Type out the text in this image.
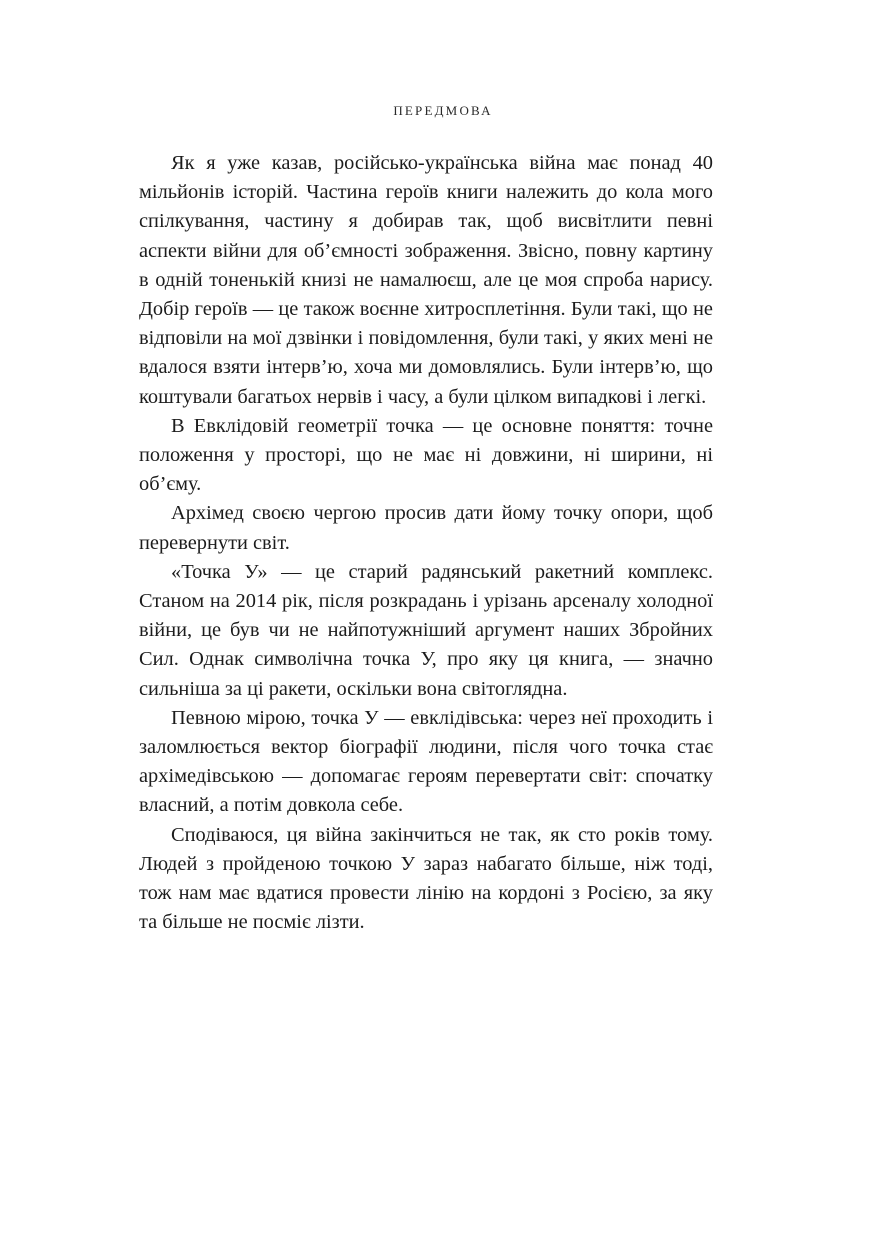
ПЕРЕДМОВА

Як я уже казав, російсько-українська війна має понад 40 мільйонів історій. Частина героїв книги належить до кола мого спілкування, частину я добирав так, щоб висвітлити певні аспекти війни для об’ємності зображення. Звісно, повну картину в одній тоненькій книзі не намалюєш, але це моя спроба нарису. Добір героїв — це також воєнне хитросплетіння. Були такі, що не відповіли на мої дзвінки і повідомлення, були такі, у яких мені не вдалося взяти інтерв’ю, хоча ми домовлялись. Були інтерв’ю, що коштували багатьох нервів і часу, а були цілком випадкові і легкі.

В Евклідовій геометрії точка — це основне поняття: точне положення у просторі, що не має ні довжини, ні ширини, ні об’єму.

Архімед своєю чергою просив дати йому точку опори, щоб перевернути світ.

«Точка У» — це старий радянський ракетний комплекс. Станом на 2014 рік, після розкрадань і урізань арсеналу холодної війни, це був чи не найпотужніший аргумент наших Збройних Сил. Однак символічна точка У, про яку ця книга, — значно сильніша за ці ракети, оскільки вона світоглядна.

Певною мірою, точка У — евклідівська: через неї проходить і заломлюється вектор біографії людини, після чого точка стає архімедівською — допомагає героям перевертати світ: спочатку власний, а потім довкола себе.

Сподіваюся, ця війна закінчиться не так, як сто років тому. Людей з пройденою точкою У зараз набагато більше, ніж тоді, тож нам має вдатися провести лінію на кордоні з Росією, за яку та більше не посміє лізти.
